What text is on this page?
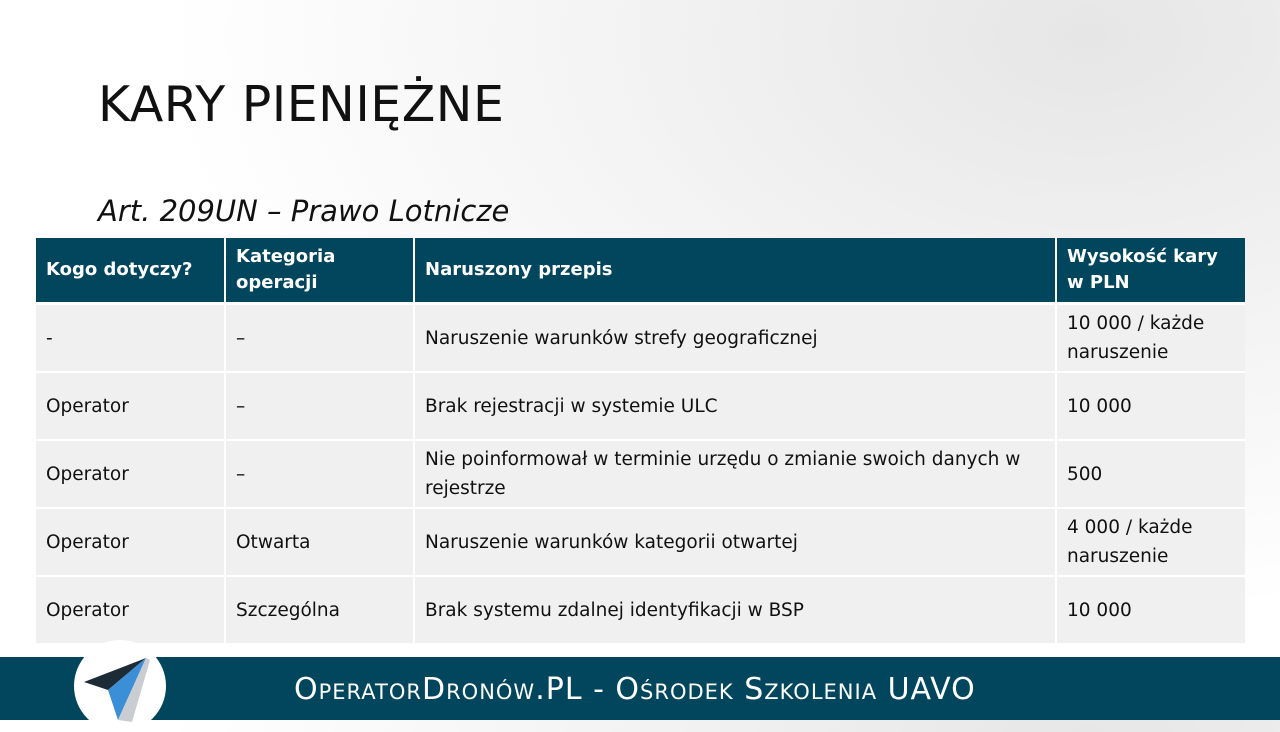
KARY PIENIĘŻNE
Art. 209UN – Prawo Lotnicze
Kogo dotyczy?	Kategoria operacji	Naruszony przepis	Wysokość kary w PLN
-	–	Naruszenie warunków strefy geograficznej	10 000 / każde naruszenie
Operator	–	Brak rejestracji w systemie ULC	10 000
Operator	–	Nie poinformował w terminie urzędu o zmianie swoich danych w rejestrze	500
Operator	Otwarta	Naruszenie warunków kategorii otwartej	4 000 / każde naruszenie
Operator	Szczególna	Brak systemu zdalnej identyfikacji w BSP	10 000
OperatorDronów.PL - Ośrodek Szkolenia UAVO
